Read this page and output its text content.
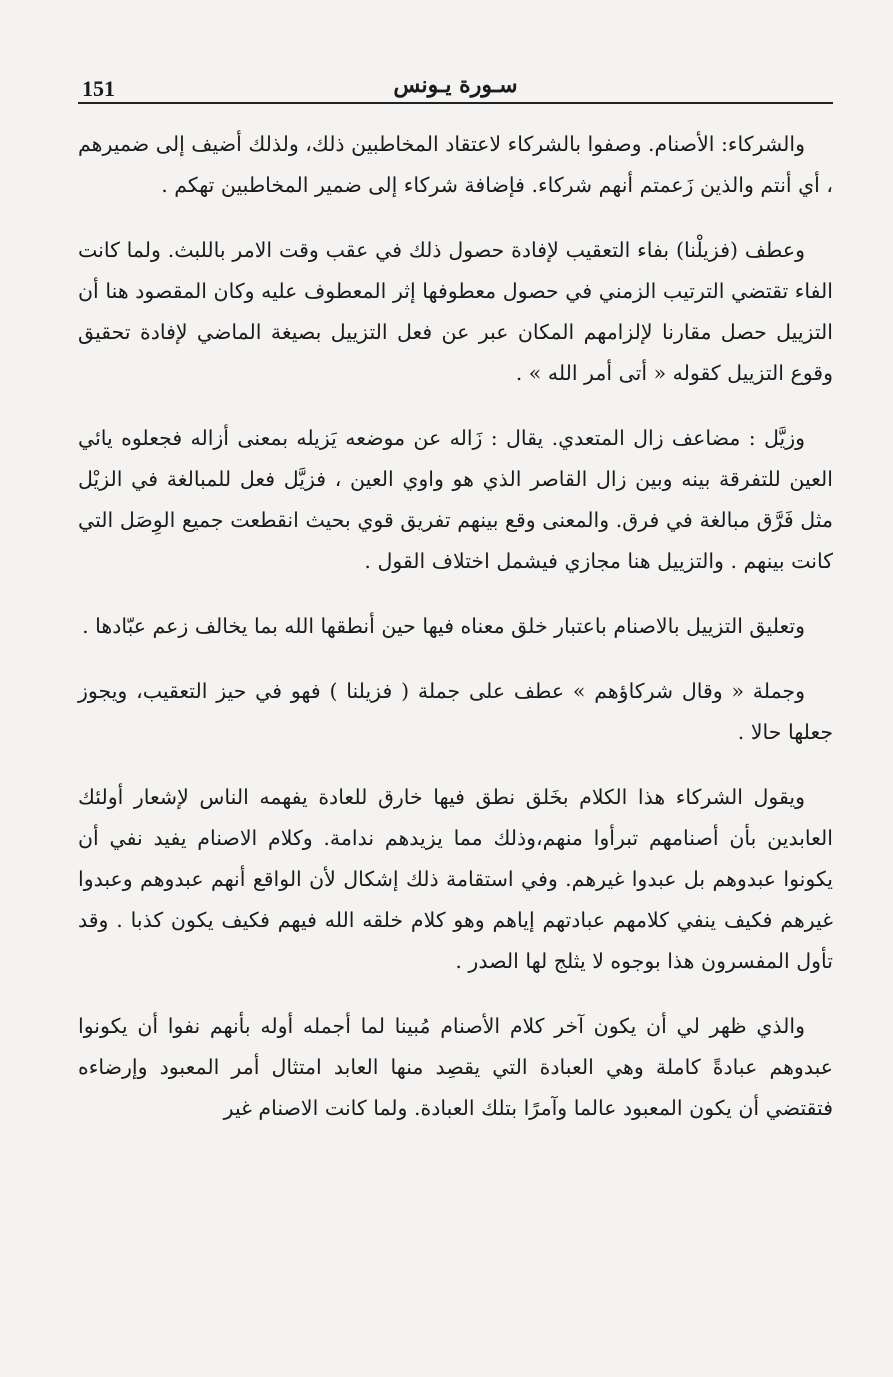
151	سـورة يـونس

والشركاء: الأصنام. وصفوا بالشركاء لاعتقاد المخاطبين ذلك، ولذلك أضيف إلى ضميرهم ، أي أنتم والذين زَعمتم أنهم شركاء. فإضافة شركاء إلى ضمير المخاطبين تهكم .

وعطف (فزيلْنا) بفاء التعقيب لإفادة حصول ذلك في عقب وقت الامر باللبث. ولما كانت الفاء تقتضي الترتيب الزمني في حصول معطوفها إثر المعطوف عليه وكان المقصود هنا أن التزييل حصل مقارنا لإلزامهم المكان عبر عن فعل التزييل بصيغة الماضي لإفادة تحقيق وقوع التزييل كقوله « أتى أمر الله » .

وزيَّل : مضاعف زال المتعدي. يقال : زَاله عن موضعه يَزيله بمعنى أزاله فجعلوه يائي العين للتفرقة بينه وبين زال القاصر الذي هو واوي العين ، فزيَّل فعل للمبالغة في الزيْل مثل فَرَّق مبالغة في فرق. والمعنى وقع بينهم تفريق قوي بحيث انقطعت جميع الوِصَل التي كانت بينهم . والتزييل هنا مجازي فيشمل اختلاف القول .

وتعليق التزييل بالاصنام باعتبار خلق معناه فيها حين أنطقها الله بما يخالف زعم عبّادها .

وجملة « وقال شركاؤهم » عطف على جملة ( فزيلنا ) فهو في حيز التعقيب، ويجوز جعلها حالا .

ويقول الشركاء هذا الكلام بخَلق نطق فيها خارق للعادة يفهمه الناس لإشعار أولئك العابدين بأن أصنامهم تبرأوا منهم،وذلك مما يزيدهم ندامة. وكلام الاصنام يفيد نفي أن يكونوا عبدوهم بل عبدوا غيرهم. وفي استقامة ذلك إشكال لأن الواقع أنهم عبدوهم وعبدوا غيرهم فكيف ينفي كلامهم عبادتهم إياهم وهو كلام خلقه الله فيهم فكيف يكون كذبا . وقد تأول المفسرون هذا بوجوه لا يثلج لها الصدر .

والذي ظهر لي أن يكون آخر كلام الأصنام مُبينا لما أجمله أوله بأنهم نفوا أن يكونوا عبدوهم عبادةً كاملة وهي العبادة التي يقصِد منها العابد امتثال أمر المعبود وإرضاءه فتقتضي أن يكون المعبود عالما وآمرًا بتلك العبادة. ولما كانت الاصنام غير
